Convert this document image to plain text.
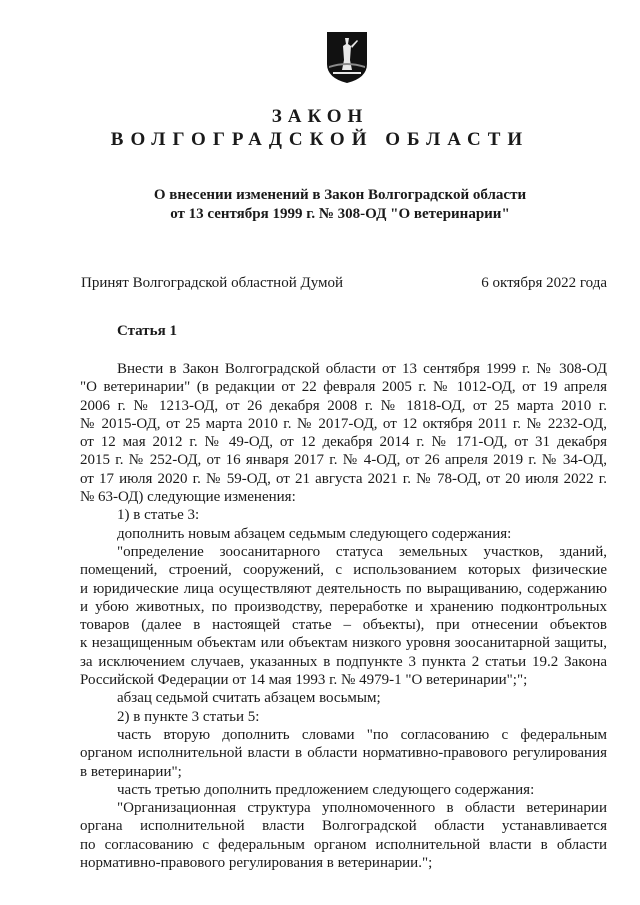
ЗАКОН
ВОЛГОГРАДСКОЙ ОБЛАСТИ
О внесении изменений в Закон Волгоградской области
от 13 сентября 1999 г. № 308-ОД "О ветеринарии"
Принят Волгоградской областной Думой	6 октября 2022 года
Статья 1

Внести в Закон Волгоградской области от 13 сентября 1999 г. № 308-ОД

"О ветеринарии" (в редакции от 22 февраля 2005 г. № 1012-ОД, от 19 апреля

2006 г. № 1213-ОД, от 26 декабря 2008 г. № 1818-ОД, от 25 марта 2010 г.

№ 2015-ОД, от 25 марта 2010 г. № 2017-ОД, от 12 октября 2011 г. № 2232-ОД,

от 12 мая 2012 г. № 49-ОД, от 12 декабря 2014 г. № 171-ОД, от 31 декабря

2015 г. № 252-ОД, от 16 января 2017 г. № 4-ОД, от 26 апреля 2019 г. № 34-ОД,

от 17 июля 2020 г. № 59-ОД, от 21 августа 2021 г. № 78-ОД, от 20 июля 2022 г.

№ 63-ОД) следующие изменения:

1) в статье 3:

дополнить новым абзацем седьмым следующего содержания:

"определение зоосанитарного статуса земельных участков, зданий,

помещений, строений, сооружений, с использованием которых физические

и юридические лица осуществляют деятельность по выращиванию, содержанию

и убою животных, по производству, переработке и хранению подконтрольных

товаров (далее в настоящей статье – объекты), при отнесении объектов

к незащищенным объектам или объектам низкого уровня зоосанитарной защиты,

за исключением случаев, указанных в подпункте 3 пункта 2 статьи 19.2 Закона

Российской Федерации от 14 мая 1993 г. № 4979-1 "О ветеринарии";";

абзац седьмой считать абзацем восьмым;

2) в пункте 3 статьи 5:

часть вторую дополнить словами "по согласованию с федеральным

органом исполнительной власти в области нормативно-правового регулирования

в ветеринарии";

часть третью дополнить предложением следующего содержания:

"Организационная структура уполномоченного в области ветеринарии

органа исполнительной власти Волгоградской области устанавливается

по согласованию с федеральным органом исполнительной власти в области

нормативно-правового регулирования в ветеринарии.";
